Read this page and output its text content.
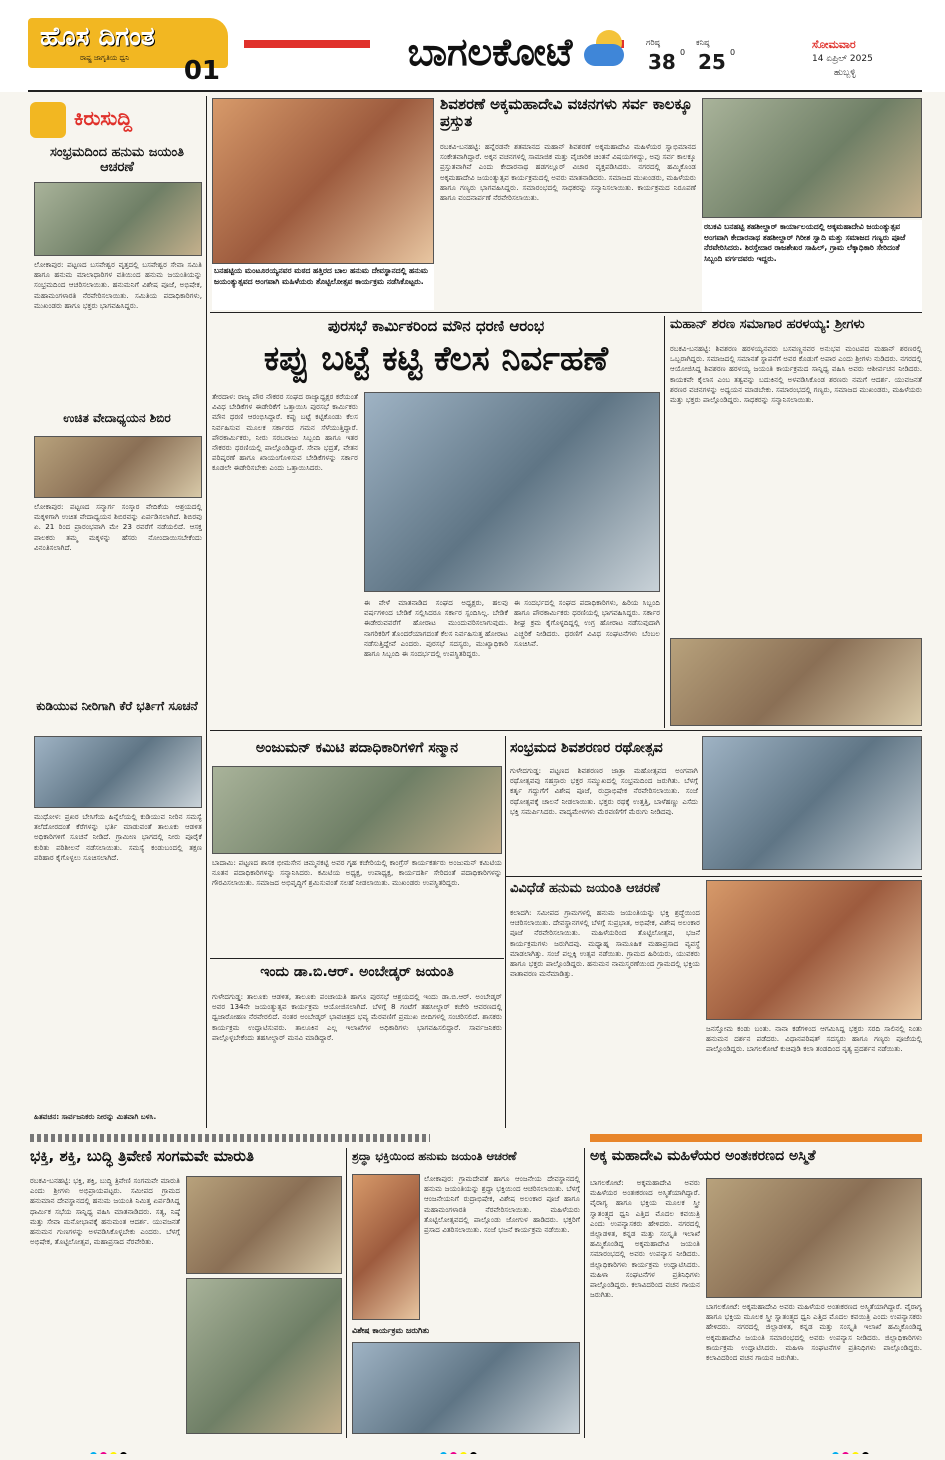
ಹೊಸ ದಿಗಂತ
ರಾಷ್ಟ್ರ ಜಾಗೃತಿಯ ಧ್ವನಿ	01	ಬಾಗಲಕೋಟೆ	ಗರಿಷ್ಠ
38 0
ಕನಿಷ್ಠ
25 0
ಸೋಮವಾರ
14 ಏಪ್ರಿಲ್ 2025
ಹುಬ್ಬಳ್ಳಿ
ಕಿರುಸುದ್ದಿ
ಸಂಭ್ರಮದಿಂದ ಹನುಮ ಜಯಂತಿ ಆಚರಣೆ
ಲೋಕಾಪುರ: ಪಟ್ಟಣದ ಬಸವೇಶ್ವರ ವೃತ್ತದಲ್ಲಿ ಬಸವೇಶ್ವರ ಸೇವಾ ಸಮಿತಿ ಹಾಗೂ ಹನುಮ ಮಾಲಾಧಾರಿಗಳ ವತಿಯಿಂದ ಹನುಮ ಜಯಂತಿಯನ್ನು ಸಂಭ್ರಮದಿಂದ ಆಚರಿಸಲಾಯಿತು. ಹನುಮನಿಗೆ ವಿಶೇಷ ಪೂಜೆ, ಅಭಿಷೇಕ, ಮಹಾಮಂಗಳಾರತಿ ನೆರವೇರಿಸಲಾಯಿತು. ಸಮಿತಿಯ ಪದಾಧಿಕಾರಿಗಳು, ಮುಖಂಡರು ಹಾಗೂ ಭಕ್ತರು ಭಾಗವಹಿಸಿದ್ದರು.
ಉಚಿತ ವೇದಾಧ್ಯಯನ ಶಿಬಿರ
ಲೋಕಾಪುರ: ಪಟ್ಟಣದ ಸನ್ಮಾರ್ಗ ಸಂಸ್ಕಾರ ವೇದಿಕೆಯ ಆಶ್ರಯದಲ್ಲಿ ಮಕ್ಕಳಿಗಾಗಿ ಉಚಿತ ವೇದಾಧ್ಯಯನ ಶಿಬಿರವನ್ನು ಏರ್ಪಡಿಸಲಾಗಿದೆ. ಶಿಬಿರವು ಏ. 21 ರಿಂದ ಪ್ರಾರಂಭವಾಗಿ ಮೇ 23 ರವರೆಗೆ ನಡೆಯಲಿದೆ. ಆಸಕ್ತ ಪಾಲಕರು ತಮ್ಮ ಮಕ್ಕಳನ್ನು ಹೆಸರು ನೋಂದಾಯಿಸಬೇಕೆಂದು ವಿನಂತಿಸಲಾಗಿದೆ.
ಕುಡಿಯುವ ನೀರಿಗಾಗಿ ಕೆರೆ ಭರ್ತಿಗೆ ಸೂಚನೆ
ಮುಧೋಳ: ಪ್ರಖರ ಬೇಸಿಗೆಯ ಹಿನ್ನೆಲೆಯಲ್ಲಿ ಕುಡಿಯುವ ನೀರಿನ ಸಮಸ್ಯೆ ತಲೆದೋರದಂತೆ ಕೆರೆಗಳನ್ನು ಭರ್ತಿ ಮಾಡುವಂತೆ ತಾಲೂಕು ಆಡಳಿತ ಅಧಿಕಾರಿಗಳಿಗೆ ಸೂಚನೆ ನೀಡಿದೆ. ಗ್ರಾಮೀಣ ಭಾಗದಲ್ಲಿ ನೀರು ಪೂರೈಕೆ ಕುರಿತು ಪರಿಶೀಲನೆ ನಡೆಸಲಾಯಿತು. ಸಮಸ್ಯೆ ಕಂಡುಬಂದಲ್ಲಿ ತಕ್ಷಣ ಪರಿಹಾರ ಕೈಗೊಳ್ಳಲು ಸೂಚಿಸಲಾಗಿದೆ.
ಹಿತವಚನ: ಸಾರ್ವಜನಿಕರು ನೀರನ್ನು ಮಿತವಾಗಿ ಬಳಸಿ.
ಬನಹಟ್ಟಿಯ ಮಂಟೂರಯ್ಯನವರ ಮಠದ ಹತ್ತಿರದ ಬಾಲ ಹನುಮ ದೇವಸ್ಥಾನದಲ್ಲಿ ಹನುಮ ಜಯಂತ್ಯುತ್ಸವದ ಅಂಗವಾಗಿ ಮಹಿಳೆಯರು ತೊಟ್ಟಿಲೋತ್ಸವ ಕಾರ್ಯಕ್ರಮ ನಡೆಸಿಕೊಟ್ಟರು.
ಶಿವಶರಣೆ ಅಕ್ಕಮಹಾದೇವಿ ವಚನಗಳು ಸರ್ವ ಕಾಲಕ್ಕೂ ಪ್ರಸ್ತುತ
ರಬಕವಿ-ಬನಹಟ್ಟಿ: ಹನ್ನೆರಡನೇ ಶತಮಾನದ ಮಹಾನ್ ಶಿವಶರಣೆ ಅಕ್ಕಮಹಾದೇವಿ ಮಹಿಳೆಯರ ಸ್ವಾಭಿಮಾನದ ಸಂಕೇತವಾಗಿದ್ದಾರೆ. ಅಕ್ಕನ ವಚನಗಳಲ್ಲಿ ಸಾಮಾಜಿಕ ಮತ್ತು ವೈಚಾರಿಕ ಚಿಂತನೆ ವಿಷಯಗಳಿದ್ದು, ಅವು ಸರ್ವ ಕಾಲಕ್ಕೂ ಪ್ರಸ್ತುತವಾಗಿವೆ ಎಂದು ಕೇದಾರನಾಥ ಹಡಗಲ್ಲೂರ್ ವಿಚಾರ ವ್ಯಕ್ತಪಡಿಸಿದರು. ನಗರದಲ್ಲಿ ಹಮ್ಮಿಕೊಂಡ ಅಕ್ಕಮಹಾದೇವಿ ಜಯಂತ್ಯುತ್ಸವ ಕಾರ್ಯಕ್ರಮದಲ್ಲಿ ಅವರು ಮಾತನಾಡಿದರು. ಸಮಾಜದ ಮುಖಂಡರು, ಮಹಿಳೆಯರು ಹಾಗೂ ಗಣ್ಯರು ಭಾಗವಹಿಸಿದ್ದರು. ಸಮಾರಂಭದಲ್ಲಿ ಸಾಧಕರನ್ನು ಸನ್ಮಾನಿಸಲಾಯಿತು. ಕಾರ್ಯಕ್ರಮದ ನಿರೂಪಣೆ ಹಾಗೂ ವಂದನಾರ್ಪಣೆ ನೆರವೇರಿಸಲಾಯಿತು.
ರಬಕವಿ ಬನಹಟ್ಟಿ ತಹಶೀಲ್ದಾರ್ ಕಾರ್ಯಾಲಯದಲ್ಲಿ ಅಕ್ಕಮಹಾದೇವಿ ಜಯಂತ್ಯುತ್ಸವ ಅಂಗವಾಗಿ ಕೇದಾರನಾಥ ತಹಶೀಲ್ದಾರ್ ಗಿರೀಶ ಸ್ವಾದಿ ಮತ್ತು ಸಮಾಜದ ಗಣ್ಯರು ಪೂಜೆ ನೆರವೇರಿಸಿದರು. ಶಿರಸ್ತೇದಾರ ರಾಜಶೇಖರ ಸಾಹಿಲ್, ಗ್ರಾಮ ಲೆಕ್ಕಾಧಿಕಾರಿ ಸೇರಿದಂತೆ ಸಿಬ್ಬಂದಿ ವರ್ಗದವರು ಇದ್ದರು.
ಪುರಸಭೆ ಕಾರ್ಮಿಕರಿಂದ ಮೌನ ಧರಣಿ ಆರಂಭ
ಕಪ್ಪು ಬಟ್ಟೆ ಕಟ್ಟಿ ಕೆಲಸ ನಿರ್ವಹಣೆ
ತೇರದಾಳ: ರಾಜ್ಯ ಪೌರ ನೌಕರರ ಸಂಘದ ರಾಜ್ಯಾಧ್ಯಕ್ಷರ ಕರೆಯಂತೆ ವಿವಿಧ ಬೇಡಿಕೆಗಳ ಈಡೇರಿಕೆಗೆ ಒತ್ತಾಯಿಸಿ ಪುರಸಭೆ ಕಾರ್ಮಿಕರು ಮೌನ ಧರಣಿ ಆರಂಭಿಸಿದ್ದಾರೆ. ಕಪ್ಪು ಬಟ್ಟೆ ಕಟ್ಟಿಕೊಂಡು ಕೆಲಸ ನಿರ್ವಹಿಸುವ ಮೂಲಕ ಸರ್ಕಾರದ ಗಮನ ಸೆಳೆಯುತ್ತಿದ್ದಾರೆ. ಪೌರಕಾರ್ಮಿಕರು, ನೀರು ಸರಬರಾಜು ಸಿಬ್ಬಂದಿ ಹಾಗೂ ಇತರ ನೌಕರರು ಧರಣಿಯಲ್ಲಿ ಪಾಲ್ಗೊಂಡಿದ್ದಾರೆ. ಸೇವಾ ಭದ್ರತೆ, ವೇತನ ಪರಿಷ್ಕರಣೆ ಹಾಗೂ ಖಾಯಂಗೊಳಿಸುವ ಬೇಡಿಕೆಗಳನ್ನು ಸರ್ಕಾರ ಕೂಡಲೇ ಈಡೇರಿಸಬೇಕು ಎಂದು ಒತ್ತಾಯಿಸಿದರು.
ಈ ವೇಳೆ ಮಾತನಾಡಿದ ಸಂಘದ ಅಧ್ಯಕ್ಷರು, ಹಲವು ವರ್ಷಗಳಿಂದ ಬೇಡಿಕೆ ಸಲ್ಲಿಸಿದರೂ ಸರ್ಕಾರ ಸ್ಪಂದಿಸಿಲ್ಲ. ಬೇಡಿಕೆ ಈಡೇರುವವರೆಗೆ ಹೋರಾಟ ಮುಂದುವರಿಸಲಾಗುವುದು. ನಾಗರಿಕರಿಗೆ ತೊಂದರೆಯಾಗದಂತೆ ಕೆಲಸ ನಿರ್ವಹಿಸುತ್ತ ಹೋರಾಟ ನಡೆಸುತ್ತಿದ್ದೇವೆ ಎಂದರು. ಪುರಸಭೆ ಸದಸ್ಯರು, ಮುಖ್ಯಾಧಿಕಾರಿ ಹಾಗೂ ಸಿಬ್ಬಂದಿ ಈ ಸಂದರ್ಭದಲ್ಲಿ ಉಪಸ್ಥಿತರಿದ್ದರು.
ಈ ಸಂದರ್ಭದಲ್ಲಿ ಸಂಘದ ಪದಾಧಿಕಾರಿಗಳು, ಹಿರಿಯ ಸಿಬ್ಬಂದಿ ಹಾಗೂ ಪೌರಕಾರ್ಮಿಕರು ಧರಣಿಯಲ್ಲಿ ಭಾಗವಹಿಸಿದ್ದರು. ಸರ್ಕಾರ ಶೀಘ್ರ ಕ್ರಮ ಕೈಗೊಳ್ಳದಿದ್ದಲ್ಲಿ ಉಗ್ರ ಹೋರಾಟ ನಡೆಸುವುದಾಗಿ ಎಚ್ಚರಿಕೆ ನೀಡಿದರು. ಧರಣಿಗೆ ವಿವಿಧ ಸಂಘಟನೆಗಳು ಬೆಂಬಲ ಸೂಚಿಸಿವೆ.
ಮಹಾನ್ ಶರಣ ಸಮಾಗಾರ ಹರಳಯ್ಯ: ಶ್ರೀಗಳು
ರಬಕವಿ-ಬನಹಟ್ಟಿ: ಶಿವಶರಣ ಹರಳಯ್ಯನವರು ಬಸವಣ್ಣನವರ ಅನುಭವ ಮಂಟಪದ ಮಹಾನ್ ಶರಣರಲ್ಲಿ ಒಬ್ಬರಾಗಿದ್ದರು. ಸಮಾಜದಲ್ಲಿ ಸಮಾನತೆ ಸ್ಥಾಪನೆಗೆ ಅವರ ಕೊಡುಗೆ ಅಪಾರ ಎಂದು ಶ್ರೀಗಳು ನುಡಿದರು. ನಗರದಲ್ಲಿ ಆಯೋಜಿಸಿದ್ದ ಶಿವಶರಣ ಹರಳಯ್ಯ ಜಯಂತಿ ಕಾರ್ಯಕ್ರಮದ ಸಾನ್ನಿಧ್ಯ ವಹಿಸಿ ಅವರು ಆಶೀರ್ವಚನ ನೀಡಿದರು. ಕಾಯಕವೇ ಕೈಲಾಸ ಎಂಬ ತತ್ವವನ್ನು ಬದುಕಿನಲ್ಲಿ ಅಳವಡಿಸಿಕೊಂಡ ಶರಣರು ನಮಗೆ ಆದರ್ಶ. ಯುವಜನತೆ ಶರಣರ ವಚನಗಳನ್ನು ಅಧ್ಯಯನ ಮಾಡಬೇಕು. ಸಮಾರಂಭದಲ್ಲಿ ಗಣ್ಯರು, ಸಮಾಜದ ಮುಖಂಡರು, ಮಹಿಳೆಯರು ಮತ್ತು ಭಕ್ತರು ಪಾಲ್ಗೊಂಡಿದ್ದರು. ಸಾಧಕರನ್ನು ಸನ್ಮಾನಿಸಲಾಯಿತು.
ಅಂಜುಮನ್ ಕಮಿಟಿ ಪದಾಧಿಕಾರಿಗಳಿಗೆ ಸನ್ಮಾನ
ಬಾದಾಮಿ: ಪಟ್ಟಣದ ಶಾಸಕ ಭೀಮಸೇನ ಚಿಮ್ಮನಕಟ್ಟಿ ಅವರ ಗೃಹ ಕಚೇರಿಯಲ್ಲಿ ಕಾಂಗ್ರೆಸ್ ಕಾರ್ಯಕರ್ತರು ಅಂಜುಮನ್ ಕಮಿಟಿಯ ನೂತನ ಪದಾಧಿಕಾರಿಗಳನ್ನು ಸನ್ಮಾನಿಸಿದರು. ಕಮಿಟಿಯ ಅಧ್ಯಕ್ಷ, ಉಪಾಧ್ಯಕ್ಷ, ಕಾರ್ಯದರ್ಶಿ ಸೇರಿದಂತೆ ಪದಾಧಿಕಾರಿಗಳನ್ನು ಗೌರವಿಸಲಾಯಿತು. ಸಮಾಜದ ಅಭಿವೃದ್ಧಿಗೆ ಶ್ರಮಿಸುವಂತೆ ಸಲಹೆ ನೀಡಲಾಯಿತು. ಮುಖಂಡರು ಉಪಸ್ಥಿತರಿದ್ದರು.
ಸಂಭ್ರಮದ ಶಿವಶರಣರ ರಥೋತ್ಸವ
ಗುಳೇದಗುಡ್ಡ: ಪಟ್ಟಣದ ಶಿವಶರಣರ ಜಾತ್ರಾ ಮಹೋತ್ಸವದ ಅಂಗವಾಗಿ ರಥೋತ್ಸವವು ಸಹಸ್ರಾರು ಭಕ್ತರ ಸಮ್ಮುಖದಲ್ಲಿ ಸಂಭ್ರಮದಿಂದ ಜರುಗಿತು. ಬೆಳಗ್ಗೆ ಕರ್ತೃ ಗದ್ದುಗೆಗೆ ವಿಶೇಷ ಪೂಜೆ, ರುದ್ರಾಭಿಷೇಕ ನೆರವೇರಿಸಲಾಯಿತು. ಸಂಜೆ ರಥೋತ್ಸವಕ್ಕೆ ಚಾಲನೆ ನೀಡಲಾಯಿತು. ಭಕ್ತರು ರಥಕ್ಕೆ ಉತ್ತತ್ತಿ, ಬಾಳೆಹಣ್ಣು ಎಸೆದು ಭಕ್ತಿ ಸಮರ್ಪಿಸಿದರು. ವಾದ್ಯಮೇಳಗಳು ಮೆರವಣಿಗೆಗೆ ಮೆರುಗು ನೀಡಿದವು.
ಇಂದು ಡಾ.ಬಿ.ಆರ್. ಅಂಬೇಡ್ಕರ್ ಜಯಂತಿ
ಗುಳೇದಗುಡ್ಡ: ತಾಲೂಕು ಆಡಳಿತ, ತಾಲೂಕು ಪಂಚಾಯತಿ ಹಾಗೂ ಪುರಸಭೆ ಆಶ್ರಯದಲ್ಲಿ ಇಂದು ಡಾ.ಬಿ.ಆರ್. ಅಂಬೇಡ್ಕರ್ ಅವರ 134ನೇ ಜಯಂತ್ಯುತ್ಸವ ಕಾರ್ಯಕ್ರಮ ಆಯೋಜಿಸಲಾಗಿದೆ. ಬೆಳಗ್ಗೆ 8 ಗಂಟೆಗೆ ತಹಸೀಲ್ದಾರ್ ಕಚೇರಿ ಆವರಣದಲ್ಲಿ ಧ್ವಜಾರೋಹಣ ನೆರವೇರಲಿದೆ. ನಂತರ ಅಂಬೇಡ್ಕರ್ ಭಾವಚಿತ್ರದ ಭವ್ಯ ಮೆರವಣಿಗೆ ಪ್ರಮುಖ ಬೀದಿಗಳಲ್ಲಿ ಸಂಚರಿಸಲಿದೆ. ಶಾಸಕರು ಕಾರ್ಯಕ್ರಮ ಉದ್ಘಾಟಿಸುವರು. ತಾಲೂಕಿನ ಎಲ್ಲ ಇಲಾಖೆಗಳ ಅಧಿಕಾರಿಗಳು ಭಾಗವಹಿಸಲಿದ್ದಾರೆ. ಸಾರ್ವಜನಿಕರು ಪಾಲ್ಗೊಳ್ಳಬೇಕೆಂದು ತಹಸೀಲ್ದಾರ್ ಮನವಿ ಮಾಡಿದ್ದಾರೆ.
ವಿವಿಧೆಡೆ ಹನುಮ ಜಯಂತಿ ಆಚರಣೆ
ಕಲಾದಗಿ: ಸಮೀಪದ ಗ್ರಾಮಗಳಲ್ಲಿ ಹನುಮ ಜಯಂತಿಯನ್ನು ಭಕ್ತಿ ಶ್ರದ್ಧೆಯಿಂದ ಆಚರಿಸಲಾಯಿತು. ದೇವಸ್ಥಾನಗಳಲ್ಲಿ ಬೆಳಗ್ಗೆ ಸುಪ್ರಭಾತ, ಅಭಿಷೇಕ, ವಿಶೇಷ ಅಲಂಕಾರ ಪೂಜೆ ನೆರವೇರಿಸಲಾಯಿತು. ಮಹಿಳೆಯರಿಂದ ತೊಟ್ಟಿಲೋತ್ಸವ, ಭಜನೆ ಕಾರ್ಯಕ್ರಮಗಳು ಜರುಗಿದವು. ಮಧ್ಯಾಹ್ನ ಸಾಮೂಹಿಕ ಮಹಾಪ್ರಸಾದ ವ್ಯವಸ್ಥೆ ಮಾಡಲಾಗಿತ್ತು. ಸಂಜೆ ಪಲ್ಲಕ್ಕಿ ಉತ್ಸವ ನಡೆಯಿತು. ಗ್ರಾಮದ ಹಿರಿಯರು, ಯುವಕರು ಹಾಗೂ ಭಕ್ತರು ಪಾಲ್ಗೊಂಡಿದ್ದರು. ಹನುಮನ ನಾಮಸ್ಮರಣೆಯಿಂದ ಗ್ರಾಮದಲ್ಲಿ ಭಕ್ತಿಯ ವಾತಾವರಣ ಮನೆಮಾಡಿತ್ತು.
ಜನಸ್ತೋಮ ಕಂಡು ಬಂತು. ನಾನಾ ಕಡೆಗಳಿಂದ ಆಗಮಿಸಿದ್ದ ಭಕ್ತರು ಸರದಿ ಸಾಲಿನಲ್ಲಿ ನಿಂತು ಹನುಮನ ದರ್ಶನ ಪಡೆದರು. ವಿಧಾನಪರಿಷತ್ ಸದಸ್ಯರು ಹಾಗೂ ಗಣ್ಯರು ಪೂಜೆಯಲ್ಲಿ ಪಾಲ್ಗೊಂಡಿದ್ದರು. ಬಾಗಲಕೋಟೆ ಕುಚಿಪುಡಿ ಕಲಾ ತಂಡದಿಂದ ನೃತ್ಯ ಪ್ರದರ್ಶನ ನಡೆಯಿತು.
ಭಕ್ತಿ, ಶಕ್ತಿ, ಬುದ್ಧಿ ತ್ರಿವೇಣಿ ಸಂಗಮವೇ ಮಾರುತಿ
ರಬಕವಿ-ಬನಹಟ್ಟಿ: ಭಕ್ತಿ, ಶಕ್ತಿ, ಬುದ್ಧಿ ತ್ರಿವೇಣಿ ಸಂಗಮವೇ ಮಾರುತಿ ಎಂದು ಶ್ರೀಗಳು ಅಭಿಪ್ರಾಯಪಟ್ಟರು. ಸಮೀಪದ ಗ್ರಾಮದ ಹನುಮಾನ ದೇವಸ್ಥಾನದಲ್ಲಿ ಹನುಮ ಜಯಂತಿ ನಿಮಿತ್ತ ಏರ್ಪಡಿಸಿದ್ದ ಧಾರ್ಮಿಕ ಸಭೆಯ ಸಾನ್ನಿಧ್ಯ ವಹಿಸಿ ಮಾತನಾಡಿದರು. ಸತ್ಯ, ನಿಷ್ಠೆ ಮತ್ತು ಸೇವಾ ಮನೋಭಾವಕ್ಕೆ ಹನುಮಂತ ಆದರ್ಶ. ಯುವಜನತೆ ಹನುಮನ ಗುಣಗಳನ್ನು ಅಳವಡಿಸಿಕೊಳ್ಳಬೇಕು ಎಂದರು. ಬೆಳಗ್ಗೆ ಅಭಿಷೇಕ, ತೊಟ್ಟಿಲೋತ್ಸವ, ಮಹಾಪ್ರಸಾದ ನೆರವೇರಿತು.
ಶ್ರದ್ಧಾ ಭಕ್ತಿಯಿಂದ ಹನುಮ ಜಯಂತಿ ಆಚರಣೆ
ಲೋಕಾಪುರ: ಗ್ರಾಮದೇವತೆ ಹಾಗೂ ಆಂಜನೇಯ ದೇವಸ್ಥಾನದಲ್ಲಿ ಹನುಮ ಜಯಂತಿಯನ್ನು ಶ್ರದ್ಧಾ ಭಕ್ತಿಯಿಂದ ಆಚರಿಸಲಾಯಿತು. ಬೆಳಗ್ಗೆ ಆಂಜನೇಯನಿಗೆ ರುದ್ರಾಭಿಷೇಕ, ವಿಶೇಷ ಅಲಂಕಾರ ಪೂಜೆ ಹಾಗೂ ಮಹಾಮಂಗಳಾರತಿ ನೆರವೇರಿಸಲಾಯಿತು. ಮಹಿಳೆಯರು ತೊಟ್ಟಿಲೋತ್ಸವದಲ್ಲಿ ಪಾಲ್ಗೊಂಡು ಜೋಗುಳ ಹಾಡಿದರು. ಭಕ್ತರಿಗೆ ಪ್ರಸಾದ ವಿತರಿಸಲಾಯಿತು. ಸಂಜೆ ಭಜನೆ ಕಾರ್ಯಕ್ರಮ ನಡೆಯಿತು.
ವಿಶೇಷ ಕಾರ್ಯಕ್ರಮ ಜರುಗಿತು
ಅಕ್ಕ ಮಹಾದೇವಿ ಮಹಿಳೆಯರ ಅಂತಃಕರಣದ ಅಸ್ಮಿತೆ
ಬಾಗಲಕೋಟೆ: ಅಕ್ಕಮಹಾದೇವಿ ಅವರು ಮಹಿಳೆಯರ ಅಂತಃಕರಣದ ಅಸ್ಮಿತೆಯಾಗಿದ್ದಾರೆ. ವೈರಾಗ್ಯ ಹಾಗೂ ಭಕ್ತಿಯ ಮೂಲಕ ಸ್ತ್ರೀ ಸ್ವಾತಂತ್ರ್ಯದ ಧ್ವನಿ ಎತ್ತಿದ ಮೊದಲ ಕವಯಿತ್ರಿ ಎಂದು ಉಪನ್ಯಾಸಕರು ಹೇಳಿದರು. ನಗರದಲ್ಲಿ ಜಿಲ್ಲಾಡಳಿತ, ಕನ್ನಡ ಮತ್ತು ಸಂಸ್ಕೃತಿ ಇಲಾಖೆ ಹಮ್ಮಿಕೊಂಡಿದ್ದ ಅಕ್ಕಮಹಾದೇವಿ ಜಯಂತಿ ಸಮಾರಂಭದಲ್ಲಿ ಅವರು ಉಪನ್ಯಾಸ ನೀಡಿದರು. ಜಿಲ್ಲಾಧಿಕಾರಿಗಳು ಕಾರ್ಯಕ್ರಮ ಉದ್ಘಾಟಿಸಿದರು. ಮಹಿಳಾ ಸಂಘಟನೆಗಳ ಪ್ರತಿನಿಧಿಗಳು ಪಾಲ್ಗೊಂಡಿದ್ದರು. ಕಲಾವಿದರಿಂದ ವಚನ ಗಾಯನ ಜರುಗಿತು.
ಬಾಗಲಕೋಟೆ: ಅಕ್ಕಮಹಾದೇವಿ ಅವರು ಮಹಿಳೆಯರ ಅಂತಃಕರಣದ ಅಸ್ಮಿತೆಯಾಗಿದ್ದಾರೆ. ವೈರಾಗ್ಯ ಹಾಗೂ ಭಕ್ತಿಯ ಮೂಲಕ ಸ್ತ್ರೀ ಸ್ವಾತಂತ್ರ್ಯದ ಧ್ವನಿ ಎತ್ತಿದ ಮೊದಲ ಕವಯಿತ್ರಿ ಎಂದು ಉಪನ್ಯಾಸಕರು ಹೇಳಿದರು. ನಗರದಲ್ಲಿ ಜಿಲ್ಲಾಡಳಿತ, ಕನ್ನಡ ಮತ್ತು ಸಂಸ್ಕೃತಿ ಇಲಾಖೆ ಹಮ್ಮಿಕೊಂಡಿದ್ದ ಅಕ್ಕಮಹಾದೇವಿ ಜಯಂತಿ ಸಮಾರಂಭದಲ್ಲಿ ಅವರು ಉಪನ್ಯಾಸ ನೀಡಿದರು. ಜಿಲ್ಲಾಧಿಕಾರಿಗಳು ಕಾರ್ಯಕ್ರಮ ಉದ್ಘಾಟಿಸಿದರು. ಮಹಿಳಾ ಸಂಘಟನೆಗಳ ಪ್ರತಿನಿಧಿಗಳು ಪಾಲ್ಗೊಂಡಿದ್ದರು. ಕಲಾವಿದರಿಂದ ವಚನ ಗಾಯನ ಜರುಗಿತು.
